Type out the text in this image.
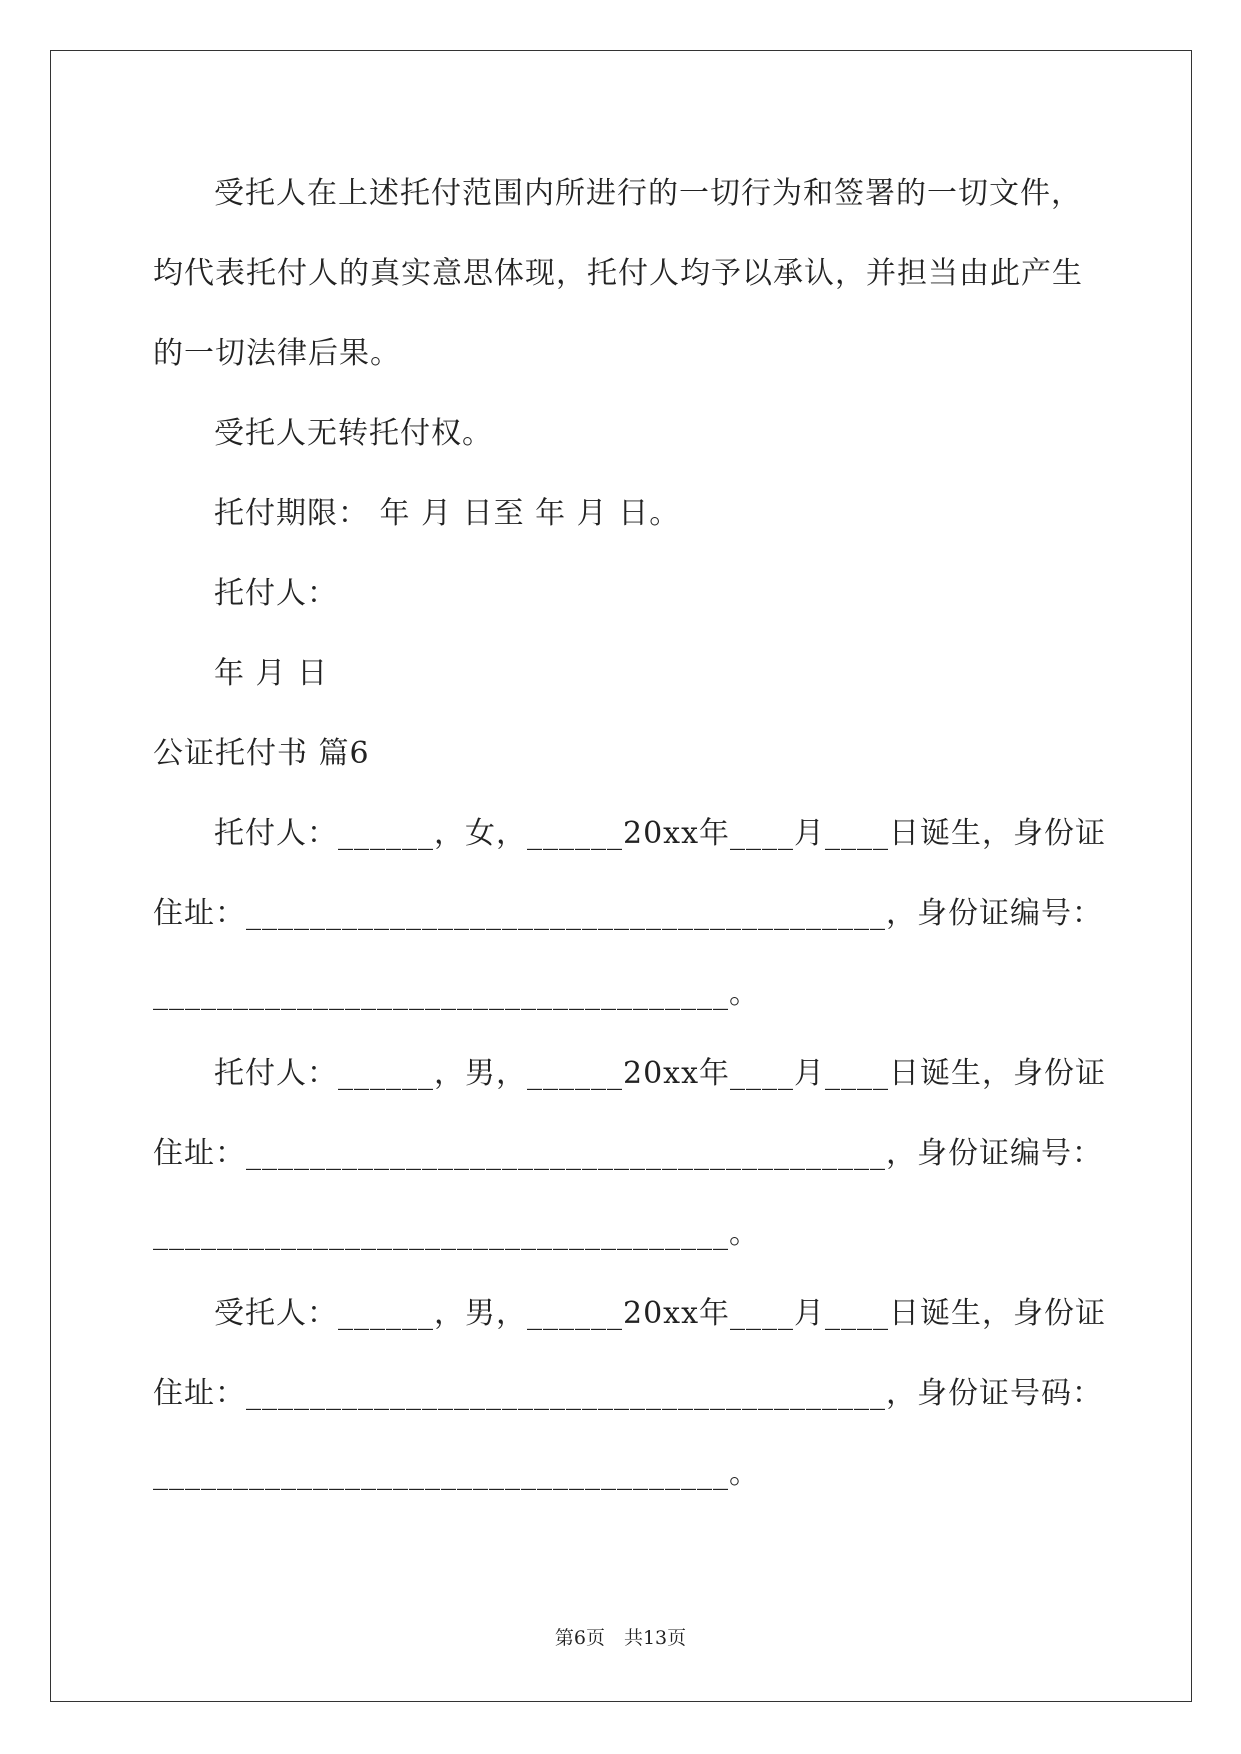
受托人在上述托付范围内所进行的一切行为和签署的一切文件，
均代表托付人的真实意思体现，托付人均予以承认，并担当由此产生
的一切法律后果。
受托人无转托付权。
托付期限： 年 月 日至 年 月 日。
托付人：
年 月 日
公证托付书 篇6
托付人：______，女，______20xx年____月____日诞生，身份证
住址：________________________________________，身份证编号：
____________________________________。
托付人：______，男，______20xx年____月____日诞生，身份证
住址：________________________________________，身份证编号：
____________________________________。
受托人：______，男，______20xx年____月____日诞生，身份证
住址：________________________________________，身份证号码：
____________________________________。
第6页　共13页
